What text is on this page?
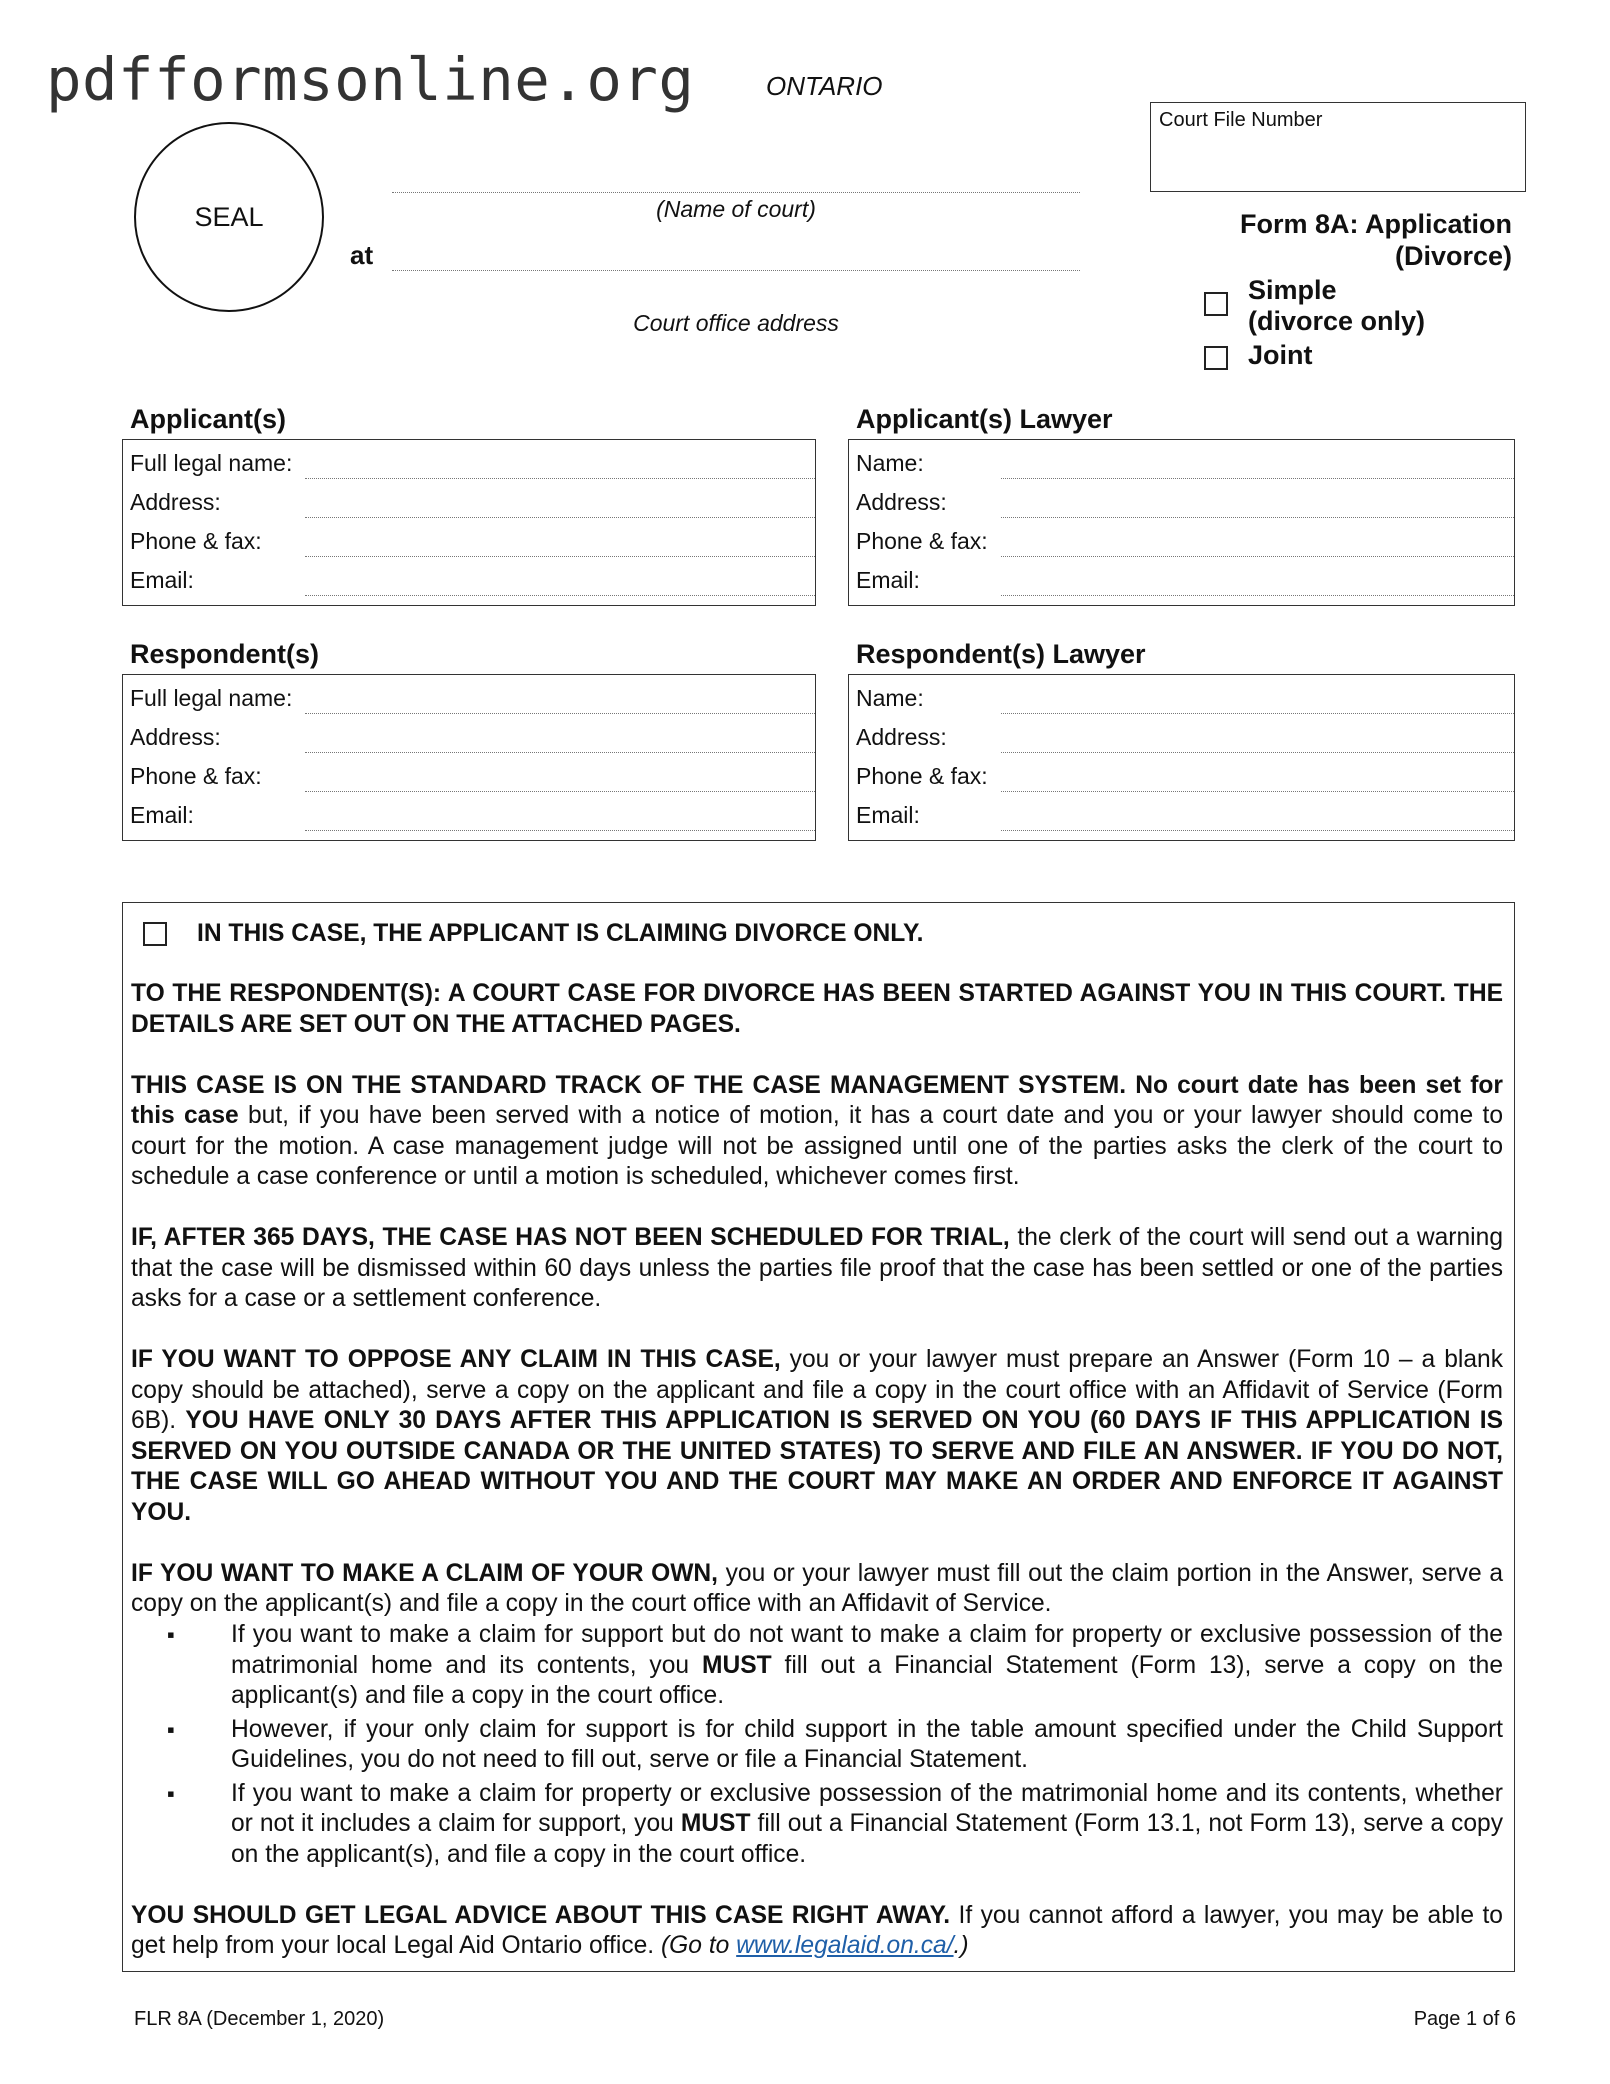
pdfformsonline.org	ONTARIO
SEAL	(Name of court)
at
Court office address
Court File Number
Form 8A: Application
(Divorce)
Simple (divorce only)
Joint
Applicant(s)
Full legal name:
Address:
Phone & fax:
Email:
Applicant(s) Lawyer
Name:
Address:
Phone & fax:
Email:
Respondent(s)
Full legal name:
Address:
Phone & fax:
Email:
Respondent(s) Lawyer
Name:
Address:
Phone & fax:
Email:
IN THIS CASE, THE APPLICANT IS CLAIMING DIVORCE ONLY.

TO THE RESPONDENT(S): A COURT CASE FOR DIVORCE HAS BEEN STARTED AGAINST YOU IN THIS COURT. THE DETAILS ARE SET OUT ON THE ATTACHED PAGES.

THIS CASE IS ON THE STANDARD TRACK OF THE CASE MANAGEMENT SYSTEM. No court date has been set for this case but, if you have been served with a notice of motion, it has a court date and you or your lawyer should come to court for the motion. A case management judge will not be assigned until one of the parties asks the clerk of the court to schedule a case conference or until a motion is scheduled, whichever comes first.

IF, AFTER 365 DAYS, THE CASE HAS NOT BEEN SCHEDULED FOR TRIAL, the clerk of the court will send out a warning that the case will be dismissed within 60 days unless the parties file proof that the case has been settled or one of the parties asks for a case or a settlement conference.

IF YOU WANT TO OPPOSE ANY CLAIM IN THIS CASE, you or your lawyer must prepare an Answer (Form 10 – a blank copy should be attached), serve a copy on the applicant and file a copy in the court office with an Affidavit of Service (Form 6B). YOU HAVE ONLY 30 DAYS AFTER THIS APPLICATION IS SERVED ON YOU (60 DAYS IF THIS APPLICATION IS SERVED ON YOU OUTSIDE CANADA OR THE UNITED STATES) TO SERVE AND FILE AN ANSWER. IF YOU DO NOT, THE CASE WILL GO AHEAD WITHOUT YOU AND THE COURT MAY MAKE AN ORDER AND ENFORCE IT AGAINST YOU.

IF YOU WANT TO MAKE A CLAIM OF YOUR OWN, you or your lawyer must fill out the claim portion in the Answer, serve a copy on the applicant(s) and file a copy in the court office with an Affidavit of Service.

▪ If you want to make a claim for support but do not want to make a claim for property or exclusive possession of the matrimonial home and its contents, you MUST fill out a Financial Statement (Form 13), serve a copy on the applicant(s) and file a copy in the court office.
▪ However, if your only claim for support is for child support in the table amount specified under the Child Support Guidelines, you do not need to fill out, serve or file a Financial Statement.
▪ If you want to make a claim for property or exclusive possession of the matrimonial home and its contents, whether or not it includes a claim for support, you MUST fill out a Financial Statement (Form 13.1, not Form 13), serve a copy on the applicant(s), and file a copy in the court office.

YOU SHOULD GET LEGAL ADVICE ABOUT THIS CASE RIGHT AWAY. If you cannot afford a lawyer, you may be able to get help from your local Legal Aid Ontario office. (Go to www.legalaid.on.ca/.)

FLR 8A (December 1, 2020)	Page 1 of 6
